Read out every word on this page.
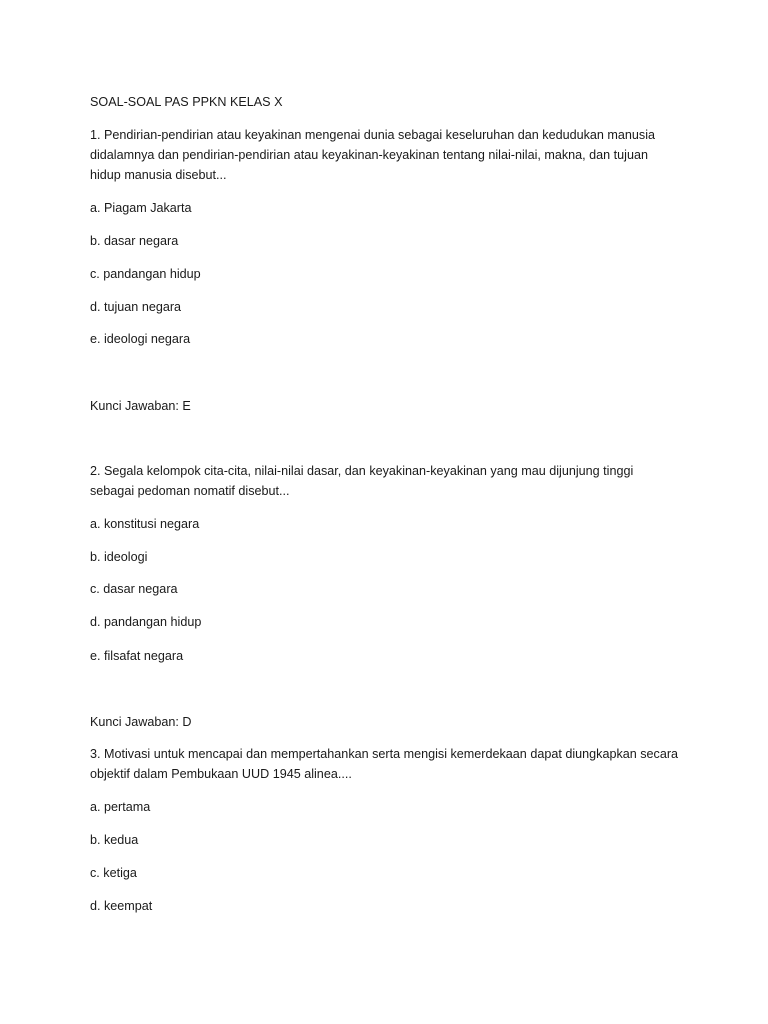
SOAL-SOAL PAS PPKN KELAS X

1. Pendirian-pendirian atau keyakinan mengenai dunia sebagai keseluruhan dan kedudukan manusia didalamnya dan pendirian-pendirian atau keyakinan-keyakinan tentang nilai-nilai, makna, dan tujuan hidup manusia disebut...

a. Piagam Jakarta

b. dasar negara

c. pandangan hidup

d. tujuan negara

e. ideologi negara

Kunci Jawaban: E

2. Segala kelompok cita-cita, nilai-nilai dasar, dan keyakinan-keyakinan yang mau dijunjung tinggi sebagai pedoman nomatif disebut...

a. konstitusi negara

b. ideologi

c. dasar negara

d. pandangan hidup

e. filsafat negara

Kunci Jawaban: D

3. Motivasi untuk mencapai dan mempertahankan serta mengisi kemerdekaan dapat diungkapkan secara objektif dalam Pembukaan UUD 1945 alinea....

a. pertama

b. kedua

c. ketiga

d. keempat
